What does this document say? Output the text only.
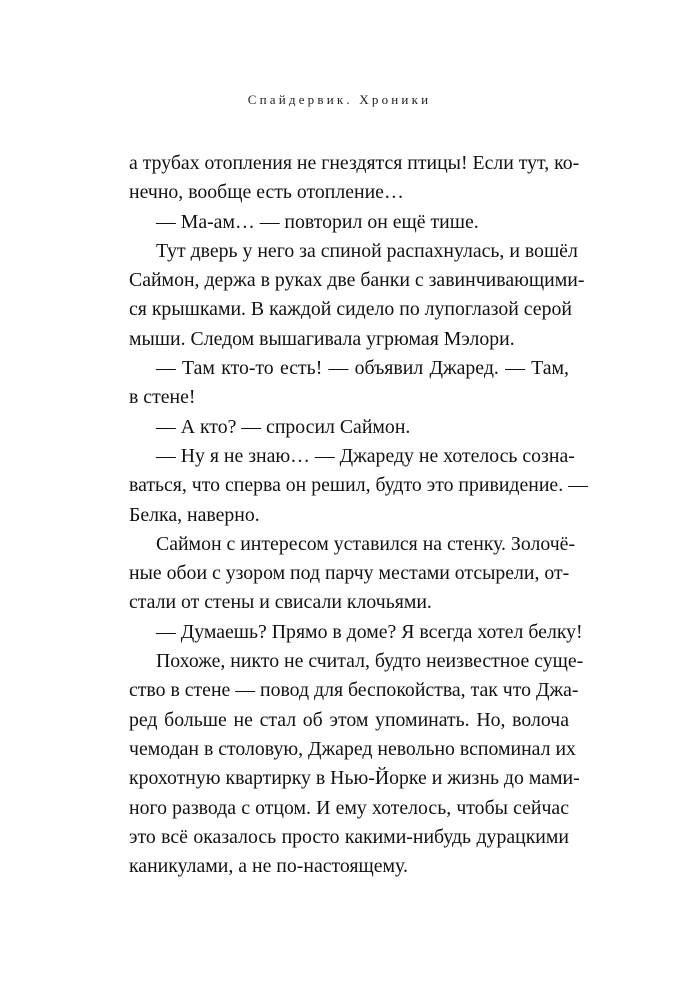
Спайдервик. Хроники
а трубах отопления не гнездятся птицы! Если тут, ко-
нечно, вообще есть отопление…
— Ма-ам… — повторил он ещё тише.
Тут дверь у него за спиной распахнулась, и вошёл
Саймон, держа в руках две банки с завинчивающими-
ся крышками. В каждой сидело по лупоглазой серой
мыши. Следом вышагивала угрюмая Мэлори.
— Там кто-то есть! — объявил Джаред. — Там,
в стене!
— А кто? — спросил Саймон.
— Ну я не знаю… — Джареду не хотелось созна-
ваться, что сперва он решил, будто это привидение. —
Белка, наверно.
Саймон с интересом уставился на стенку. Золочё-
ные обои с узором под парчу местами отсырели, от-
стали от стены и свисали клочьями.
— Думаешь? Прямо в доме? Я всегда хотел белку!
Похоже, никто не считал, будто неизвестное суще-
ство в стене — повод для беспокойства, так что Джа-
ред больше не стал об этом упоминать. Но, волоча
чемодан в столовую, Джаред невольно вспоминал их
крохотную квартирку в Нью-Йорке и жизнь до мами-
ного развода с отцом. И ему хотелось, чтобы сейчас
это всё оказалось просто какими-нибудь дурацкими
каникулами, а не по-настоящему.
